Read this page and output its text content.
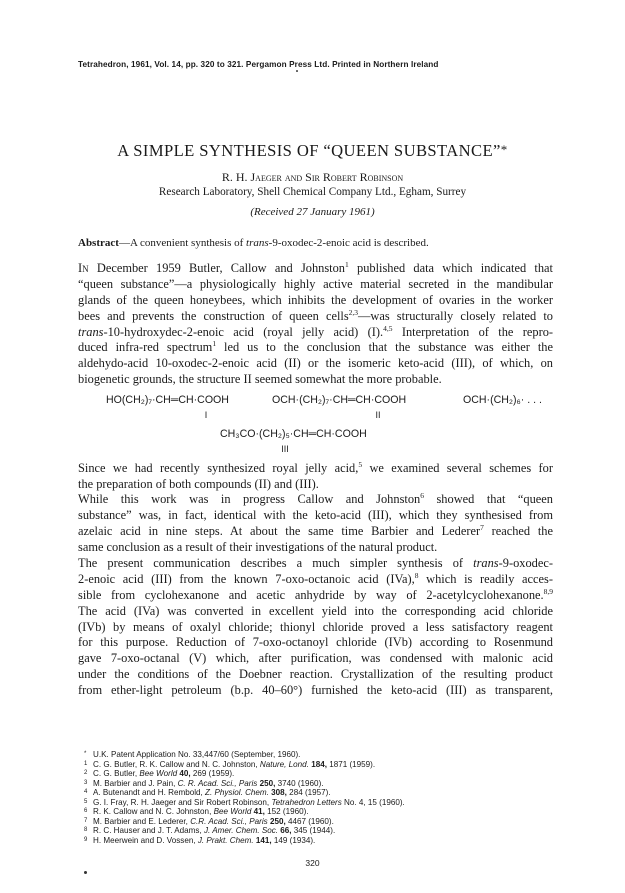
Tetrahedron, 1961, Vol. 14, pp. 320 to 321. Pergamon Press Ltd. Printed in Northern Ireland
A SIMPLE SYNTHESIS OF “QUEEN SUBSTANCE”*
R. H. Jaeger and Sir Robert Robinson
Research Laboratory, Shell Chemical Company Ltd., Egham, Surrey
(Received 27 January 1961)
Abstract—A convenient synthesis of trans-9-oxodec-2-enoic acid is described.
In December 1959 Butler, Callow and Johnston$^1$ published data which indicated that
“queen substance”—a physiologically highly active material secreted in the mandibular
glands of the queen honeybees, which inhibits the development of ovaries in the worker
bees and prevents the construction of queen cells$^{2,3}$—was structurally closely related to
trans-10-hydroxydec-2-enoic acid (royal jelly acid) (I).$^{4,5}$ Interpretation of the repro-
duced infra-red spectrum$^1$ led us to the conclusion that the substance was either the
aldehydo-acid 10-oxodec-2-enoic acid (II) or the isomeric keto-acid (III), of which, on
biogenetic grounds, the structure II seemed somewhat the more probable.
HO(CH₂)₇·CH═CH·COOH
I
OCH·(CH₂)₇·CH═CH·COOH
II
OCH·(CH₂)₆· . . .
CH₃CO·(CH₂)₅·CH═CH·COOH
III
Since we had recently synthesized royal jelly acid,$^5$ we examined several schemes for
the preparation of both compounds (II) and (III).
While this work was in progress Callow and Johnston$^6$ showed that “queen
substance” was, in fact, identical with the keto-acid (III), which they synthesised from
azelaic acid in nine steps. At about the same time Barbier and Lederer$^7$ reached the
same conclusion as a result of their investigations of the natural product.
The present communication describes a much simpler synthesis of trans-9-oxodec-
2-enoic acid (III) from the known 7-oxo-octanoic acid (IVa),$^8$ which is readily acces-
sible from cyclohexanone and acetic anhydride by way of 2-acetylcyclohexanone.$^{8,9}$
The acid (IVa) was converted in excellent yield into the corresponding acid chloride
(IVb) by means of oxalyl chloride; thionyl chloride proved a less satisfactory reagent
for this purpose. Reduction of 7-oxo-octanoyl chloride (IVb) according to Rosenmund
gave 7-oxo-octanal (V) which, after purification, was condensed with malonic acid
under the conditions of the Doebner reaction. Crystallization of the resulting product
from ether-light petroleum (b.p. 40–60°) furnished the keto-acid (III) as transparent,
* U.K. Patent Application No. 33,447/60 (September, 1960).
1 C. G. Butler, R. K. Callow and N. C. Johnston, Nature, Lond. 184, 1871 (1959).
2 C. G. Butler, Bee World 40, 269 (1959).
3 M. Barbier and J. Pain, C. R. Acad. Sci., Paris 250, 3740 (1960).
4 A. Butenandt and H. Rembold, Z. Physiol. Chem. 308, 284 (1957).
5 G. I. Fray, R. H. Jaeger and Sir Robert Robinson, Tetrahedron Letters No. 4, 15 (1960).
6 R. K. Callow and N. C. Johnston, Bee World 41, 152 (1960).
7 M. Barbier and E. Lederer, C.R. Acad. Sci., Paris 250, 4467 (1960).
8 R. C. Hauser and J. T. Adams, J. Amer. Chem. Soc. 66, 345 (1944).
9 H. Meerwein and D. Vossen, J. Prakt. Chem. 141, 149 (1934).
320
